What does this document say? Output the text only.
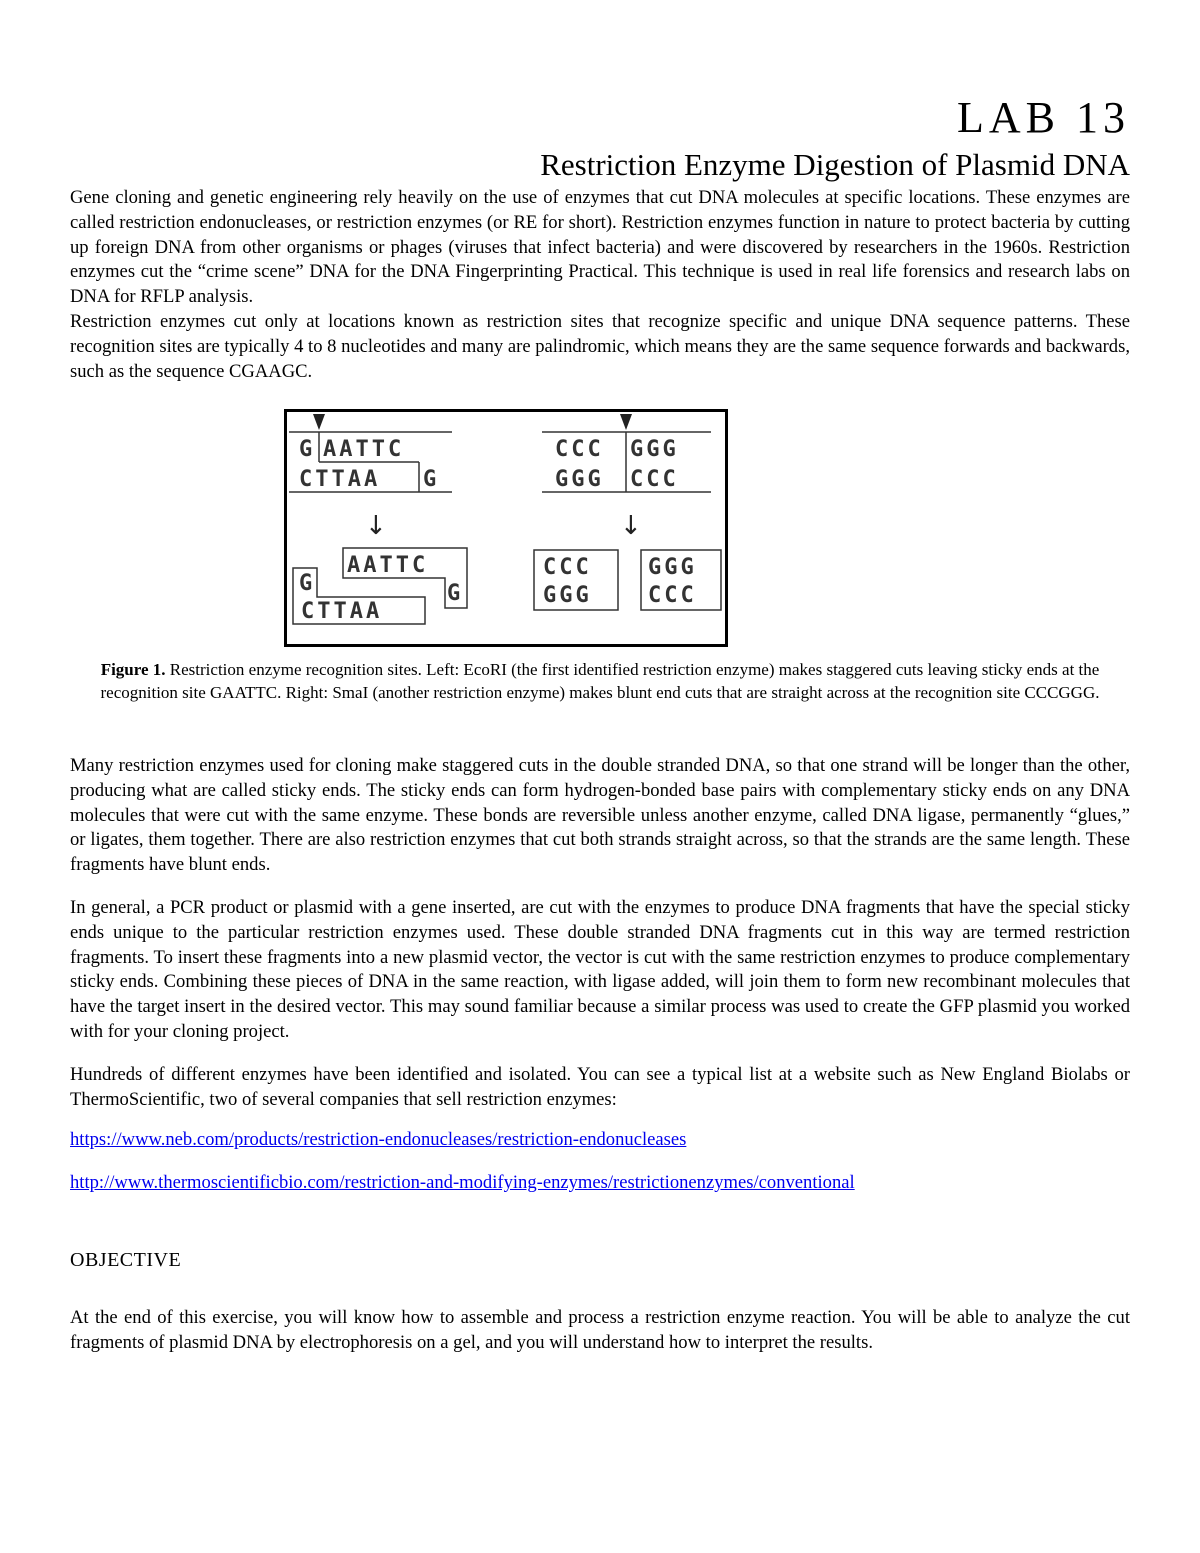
LAB 13
Restriction Enzyme Digestion of Plasmid DNA

Gene cloning and genetic engineering rely heavily on the use of enzymes that cut DNA molecules at specific locations. These enzymes are called restriction endonucleases, or restriction enzymes (or RE for short). Restriction enzymes function in nature to protect bacteria by cutting up foreign DNA from other organisms or phages (viruses that infect bacteria) and were discovered by researchers in the 1960s. Restriction enzymes cut the “crime scene” DNA for the DNA Fingerprinting Practical. This technique is used in real life forensics and research labs on DNA for RFLP analysis.

Restriction enzymes cut only at locations known as restriction sites that recognize specific and unique DNA sequence patterns. These recognition sites are typically 4 to 8 nucleotides and many are palindromic, which means they are the same sequence forwards and backwards, such as the sequence CGAAGC.

G AATTC
CTTAA G
↓
G
CTTAA
AATTC
G
CCC GGG
GGG CCC
↓
CCC
GGG
GGG
CCC
Figure 1. Restriction enzyme recognition sites. Left: EcoRI (the first identified restriction enzyme) makes staggered cuts leaving sticky ends at the recognition site GAATTC. Right: SmaI (another restriction enzyme) makes blunt end cuts that are straight across at the recognition site CCCGGG.

Many restriction enzymes used for cloning make staggered cuts in the double stranded DNA, so that one strand will be longer than the other, producing what are called sticky ends. The sticky ends can form hydrogen-bonded base pairs with complementary sticky ends on any DNA molecules that were cut with the same enzyme. These bonds are reversible unless another enzyme, called DNA ligase, permanently “glues,” or ligates, them together. There are also restriction enzymes that cut both strands straight across, so that the strands are the same length. These fragments have blunt ends.

In general, a PCR product or plasmid with a gene inserted, are cut with the enzymes to produce DNA fragments that have the special sticky ends unique to the particular restriction enzymes used. These double stranded DNA fragments cut in this way are termed restriction fragments. To insert these fragments into a new plasmid vector, the vector is cut with the same restriction enzymes to produce complementary sticky ends. Combining these pieces of DNA in the same reaction, with ligase added, will join them to form new recombinant molecules that have the target insert in the desired vector. This may sound familiar because a similar process was used to create the GFP plasmid you worked with for your cloning project.

Hundreds of different enzymes have been identified and isolated. You can see a typical list at a website such as New England Biolabs or ThermoScientific, two of several companies that sell restriction enzymes:

https://www.neb.com/products/restriction-endonucleases/restriction-endonucleases
http://www.thermoscientificbio.com/restriction-and-modifying-enzymes/restrictionenzymes/conventional
OBJECTIVE

At the end of this exercise, you will know how to assemble and process a restriction enzyme reaction. You will be able to analyze the cut fragments of plasmid DNA by electrophoresis on a gel, and you will understand how to interpret the results.
